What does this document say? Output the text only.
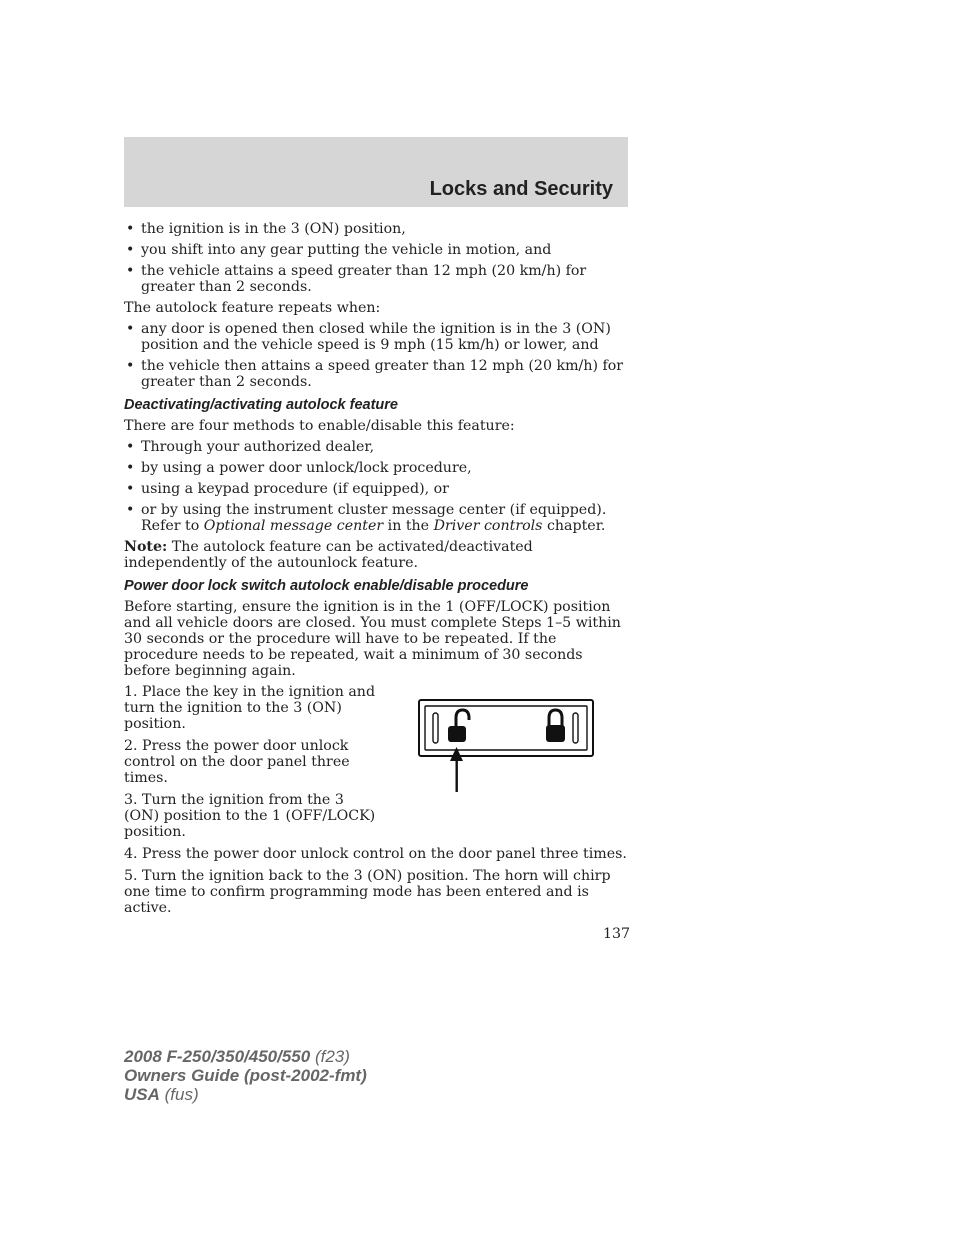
Locks and Security
• the ignition is in the 3 (ON) position,
• you shift into any gear putting the vehicle in motion, and
• the vehicle attains a speed greater than 12 mph (20 km/h) for greater than 2 seconds.

The autolock feature repeats when:

• any door is opened then closed while the ignition is in the 3 (ON) position and the vehicle speed is 9 mph (15 km/h) or lower, and
• the vehicle then attains a speed greater than 12 mph (20 km/h) for greater than 2 seconds.
Deactivating/activating autolock feature

There are four methods to enable/disable this feature:

• Through your authorized dealer,
• by using a power door unlock/lock procedure,
• using a keypad procedure (if equipped), or
• or by using the instrument cluster message center (if equipped). Refer to Optional message center in the Driver controls chapter.

Note: The autolock feature can be activated/deactivated independently of the autounlock feature.

Power door lock switch autolock enable/disable procedure

Before starting, ensure the ignition is in the 1 (OFF/LOCK) position and all vehicle doors are closed. You must complete Steps 1–5 within 30 seconds or the procedure will have to be repeated. If the procedure needs to be repeated, wait a minimum of 30 seconds before beginning again.

1. Place the key in the ignition and turn the ignition to the 3 (ON) position.

2. Press the power door unlock control on the door panel three times.

3. Turn the ignition from the 3 (ON) position to the 1 (OFF/LOCK) position.

4. Press the power door unlock control on the door panel three times.

5. Turn the ignition back to the 3 (ON) position. The horn will chirp one time to confirm programming mode has been entered and is active.

137
2008 F-250/350/450/550 (f23)
Owners Guide (post-2002-fmt)
USA (fus)
